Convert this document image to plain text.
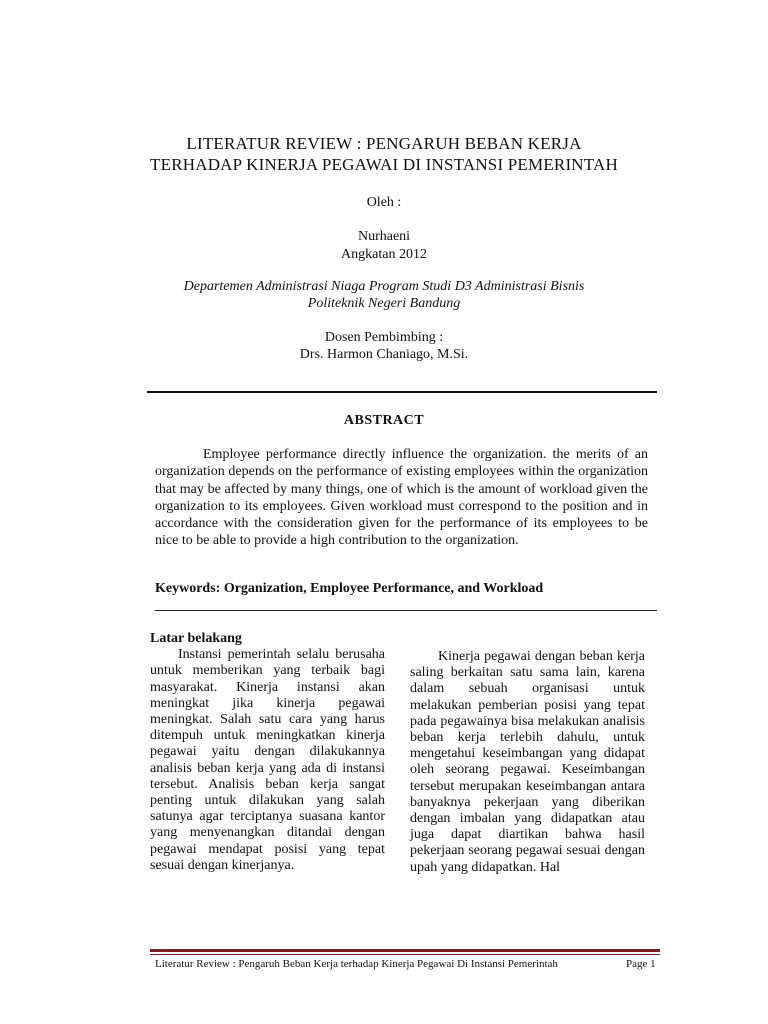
LITERATUR REVIEW : PENGARUH BEBAN KERJA
TERHADAP KINERJA PEGAWAI DI INSTANSI PEMERINTAH
Oleh :
Nurhaeni
Angkatan 2012
Departemen Administrasi Niaga Program Studi D3 Administrasi Bisnis
Politeknik Negeri Bandung
Dosen Pembimbing :
Drs. Harmon Chaniago, M.Si.
ABSTRACT

Employee performance directly influence the organization. the merits of an organization depends on the performance of existing employees within the organization that may be affected by many things, one of which is the amount of workload given the organization to its employees. Given workload must correspond to the position and in accordance with the consideration given for the performance of its employees to be nice to be able to provide a high contribution to the organization.

Keywords: Organization, Employee Performance, and Workload

Latar belakang

Instansi pemerintah selalu berusaha untuk memberikan yang terbaik bagi masyarakat. Kinerja instansi akan meningkat jika kinerja pegawai meningkat. Salah satu cara yang harus ditempuh untuk meningkatkan kinerja pegawai yaitu dengan dilakukannya analisis beban kerja yang ada di instansi tersebut. Analisis beban kerja sangat penting untuk dilakukan yang salah satunya agar terciptanya suasana kantor yang menyenangkan ditandai dengan pegawai mendapat posisi yang tepat sesuai dengan kinerjanya.

Kinerja pegawai dengan beban kerja saling berkaitan satu sama lain, karena dalam sebuah organisasi untuk melakukan pemberian posisi yang tepat pada pegawainya bisa melakukan analisis beban kerja terlebih dahulu, untuk mengetahui keseimbangan yang didapat oleh seorang pegawai. Keseimbangan tersebut merupakan keseimbangan antara banyaknya pekerjaan yang diberikan dengan imbalan yang didapatkan atau juga dapat diartikan bahwa hasil pekerjaan seorang pegawai sesuai dengan upah yang didapatkan. Hal

Literatur Review : Pengaruh Beban Kerja terhadap Kinerja Pegawai Di Instansi Pemerintah	Page 1
